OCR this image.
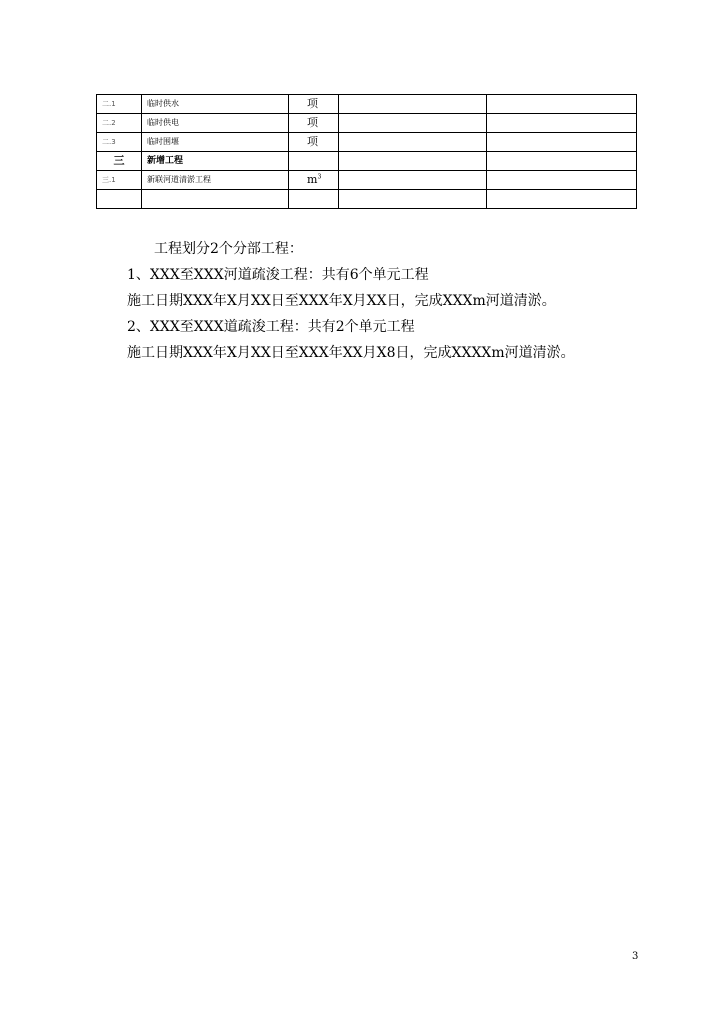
二.1	临时供水	项		
二.2	临时供电	项		
二.3	临时围堰	项		
三	新增工程			
三.1	新联河道清淤工程	$m^3$		

工程划分2个分部工程：

1、XXX至XXX河道疏浚工程：共有6个单元工程

施工日期XXX年X月XX日至XXX年X月XX日，完成XXXm河道清淤。

2、XXX至XXX道疏浚工程：共有2个单元工程

施工日期XXX年X月XX日至XXX年XX月X8日，完成XXXXm河道清淤。

3
